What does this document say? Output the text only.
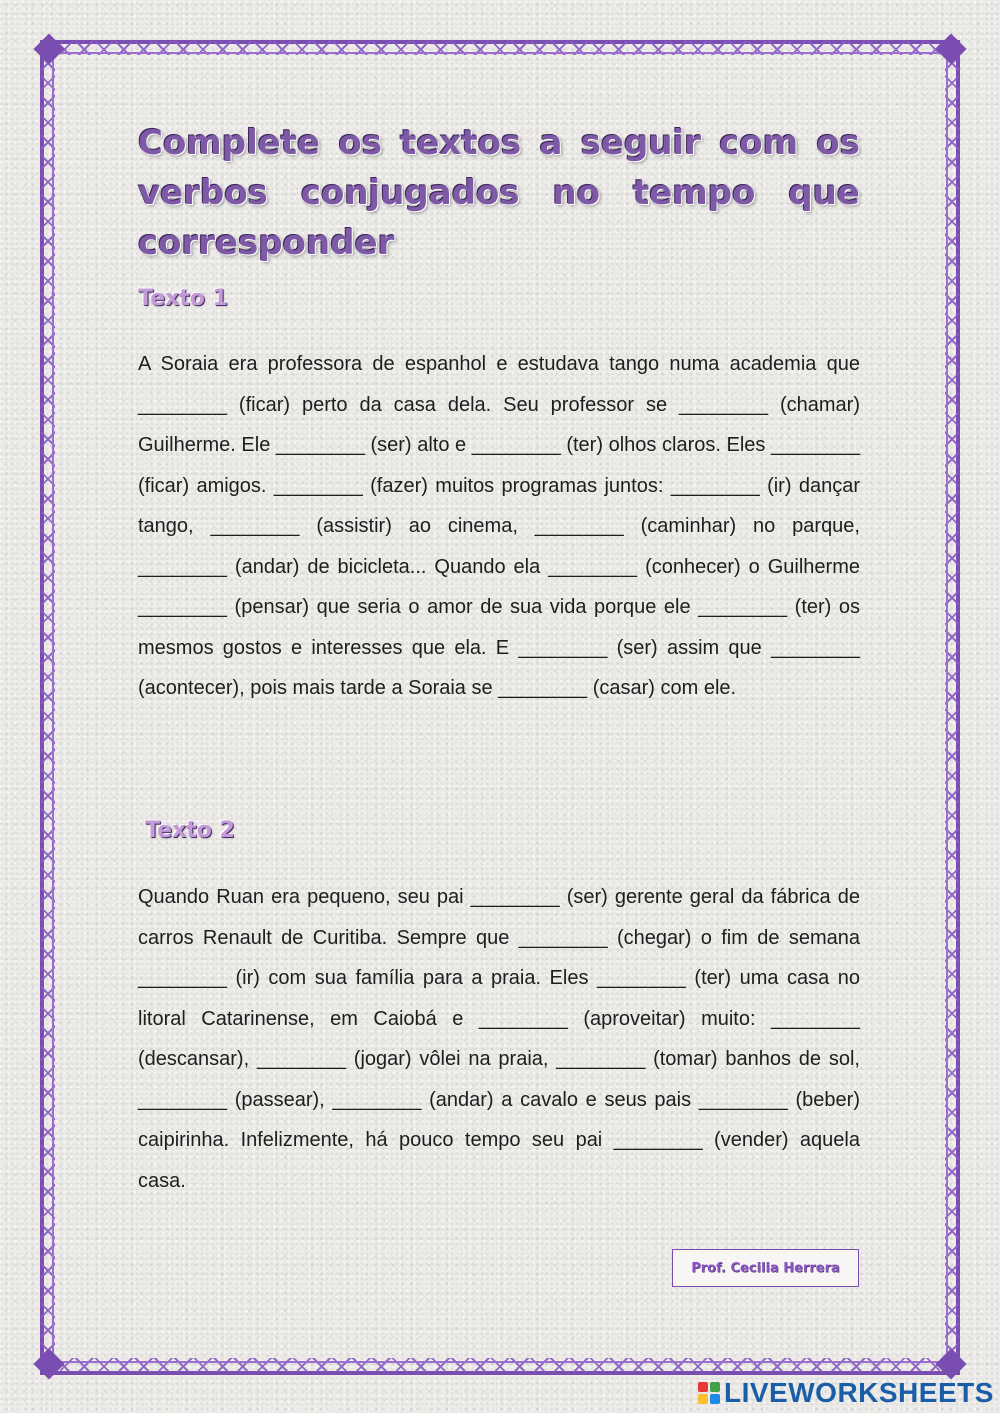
Complete os textos a seguir com os verbos conjugados no tempo que corresponder
Texto 1
A Soraia era professora de espanhol e estudava tango numa academia que ________ (ficar) perto da casa dela. Seu professor se ________ (chamar) Guilherme. Ele ________ (ser) alto e ________ (ter) olhos claros. Eles ________ (ficar) amigos. ________ (fazer) muitos programas juntos: ________ (ir) dançar tango, ________ (assistir) ao cinema, ________ (caminhar) no parque, ________ (andar) de bicicleta... Quando ela ________ (conhecer) o Guilherme ________ (pensar) que seria o amor de sua vida porque ele ________ (ter) os mesmos gostos e interesses que ela. E ________ (ser) assim que ________ (acontecer), pois mais tarde a Soraia se ________ (casar) com ele.
Texto 2
Quando Ruan era pequeno, seu pai ________ (ser) gerente geral da fábrica de carros Renault de Curitiba. Sempre que ________ (chegar) o fim de semana ________ (ir) com sua família para a praia. Eles ________ (ter) uma casa no litoral Catarinense, em Caiobá e ________ (aproveitar) muito: ________ (descansar), ________ (jogar) vôlei na praia, ________ (tomar) banhos de sol, ________ (passear), ________ (andar) a cavalo e seus pais ________ (beber) caipirinha. Infelizmente, há pouco tempo seu pai ________ (vender) aquela casa.
Prof. Cecilia Herrera
LIVEWORKSHEETS
